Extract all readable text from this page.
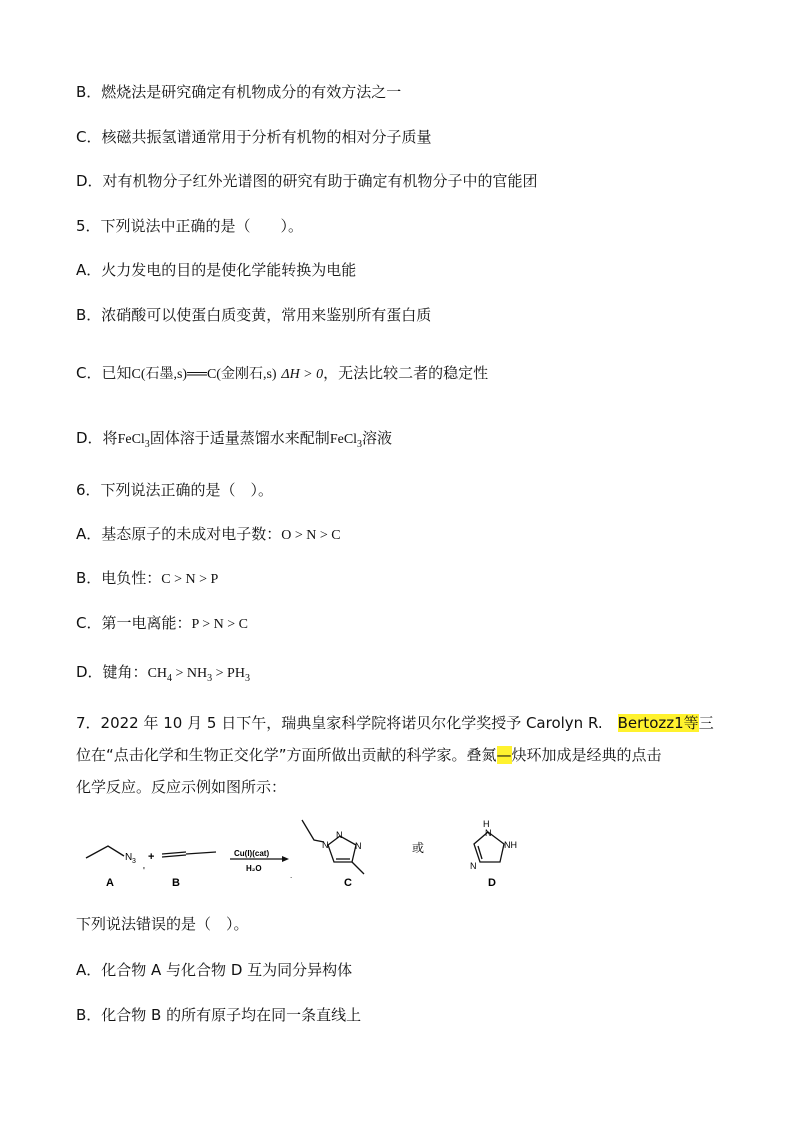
B．燃烧法是研究确定有机物成分的有效方法之一
C．核磁共振氢谱通常用于分析有机物的相对分子质量
D．对有机物分子红外光谱图的研究有助于确定有机物分子中的官能团
5．下列说法中正确的是（　　）。
A．火力发电的目的是使化学能转换为电能
B．浓硝酸可以使蛋白质变黄，常用来鉴别所有蛋白质
C．已知C(石墨,s)══C(金刚石,s) ΔH > 0，无法比较二者的稳定性
D．将FeCl$_3$固体溶于适量蒸馏水来配制FeCl$_3$溶液
6．下列说法正确的是（　）。
A．基态原子的未成对电子数：O > N > C
B．电负性：C > N > P
C．第一电离能：P > N > C
D．键角：$CH_4 > NH_3 > PH_3$
7．2022 年 10 月 5 日下午，瑞典皇家科学院将诺贝尔化学奖授予 Carolyn R.　Bertozz1等三
位在“点击化学和生物正交化学”方面所做出贡献的科学家。叠氮—炔环加成是经典的点击
化学反应。反应示例如图所示：
N 3 +
A
'
B
Cu(I)(cat)
H₂O
.
N
N
N
C
或
H
N
NH
N
D
下列说法错误的是（　）。
A．化合物 A 与化合物 D 互为同分异构体
B．化合物 B 的所有原子均在同一条直线上
